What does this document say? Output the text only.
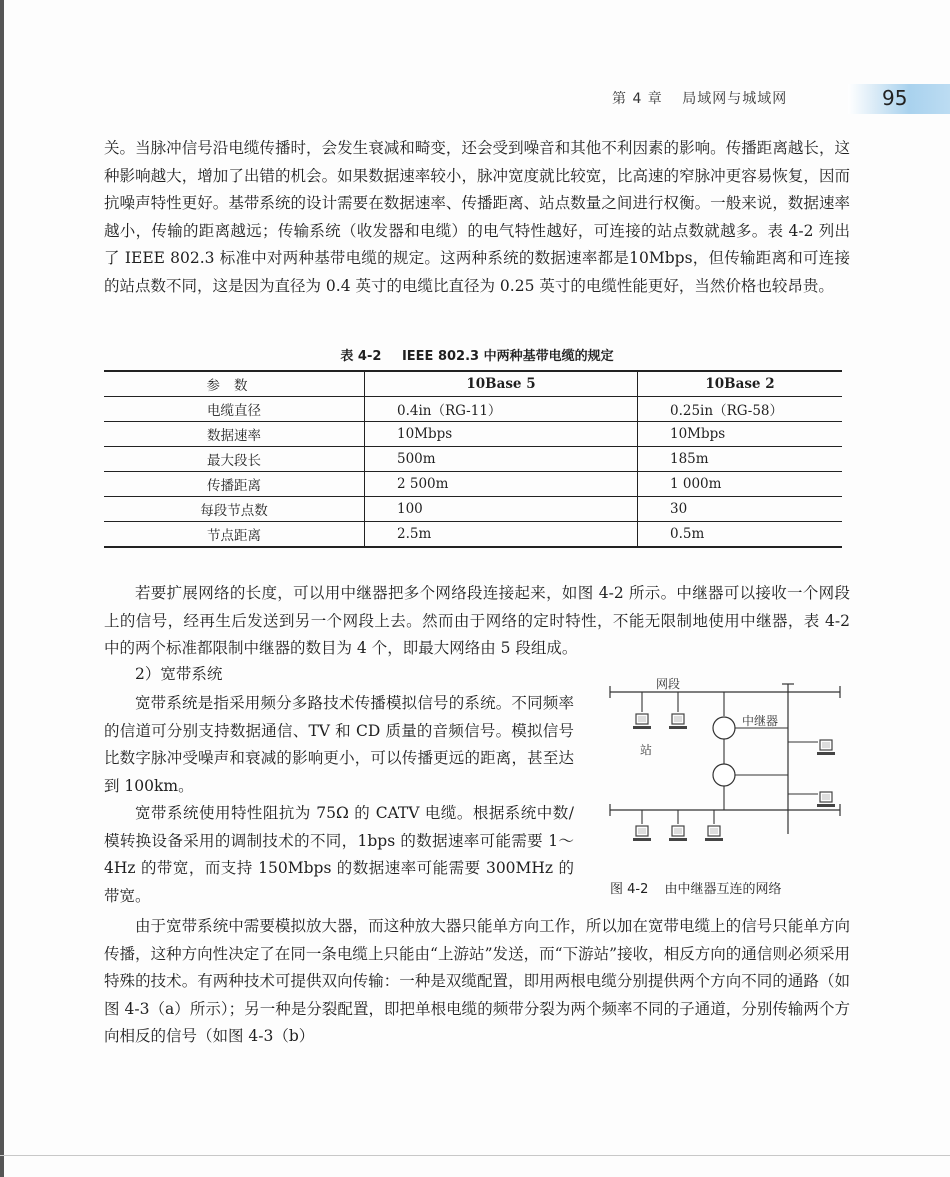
第 4 章 局域网与城域网	95

关。当脉冲信号沿电缆传播时，会发生衰减和畸变，还会受到噪音和其他不利因素的影响。传播距离越长，这种影响越大，增加了出错的机会。如果数据速率较小，脉冲宽度就比较宽，比高速的窄脉冲更容易恢复，因而抗噪声特性更好。基带系统的设计需要在数据速率、传播距离、站点数量之间进行权衡。一般来说，数据速率越小，传输的距离越远；传输系统（收发器和电缆）的电气特性越好，可连接的站点数就越多。表 4-2 列出了 IEEE 802.3 标准中对两种基带电缆的规定。这两种系统的数据速率都是10Mbps，但传输距离和可连接的站点数不同，这是因为直径为 0.4 英寸的电缆比直径为 0.25 英寸的电缆性能更好，当然价格也较昂贵。

表 4-2 IEEE 802.3 中两种基带电缆的规定
参数	10Base 5	10Base 2
电缆直径	0.4in（RG-11）	0.25in（RG-58）
数据速率	10Mbps	10Mbps
最大段长	500m	185m
传播距离	2 500m	1 000m
每段节点数	100	30
节点距离	2.5m	0.5m

若要扩展网络的长度，可以用中继器把多个网络段连接起来，如图 4-2 所示。中继器可以接收一个网段上的信号，经再生后发送到另一个网段上去。然而由于网络的定时特性，不能无限制地使用中继器，表 4-2 中的两个标准都限制中继器的数目为 4 个，即最大网络由 5 段组成。

2）宽带系统

宽带系统是指采用频分多路技术传播模拟信号的系统。不同频率的信道可分别支持数据通信、TV 和 CD 质量的音频信号。模拟信号比数字脉冲受噪声和衰减的影响更小，可以传播更远的距离，甚至达到 100km。

宽带系统使用特性阻抗为 75Ω 的 CATV 电缆。根据系统中数/模转换设备采用的调制技术的不同，1bps 的数据速率可能需要 1～4Hz 的带宽，而支持 150Mbps 的数据速率可能需要 300MHz 的带宽。

网段
站
中继器
图 4-2 由中继器互连的网络

由于宽带系统中需要模拟放大器，而这种放大器只能单方向工作，所以加在宽带电缆上的信号只能单方向传播，这种方向性决定了在同一条电缆上只能由“上游站”发送，而“下游站”接收，相反方向的通信则必须采用特殊的技术。有两种技术可提供双向传输：一种是双缆配置，即用两根电缆分别提供两个方向不同的通路（如图 4-3（a）所示）；另一种是分裂配置，即把单根电缆的频带分裂为两个频率不同的子通道，分别传输两个方向相反的信号（如图 4-3（b）
